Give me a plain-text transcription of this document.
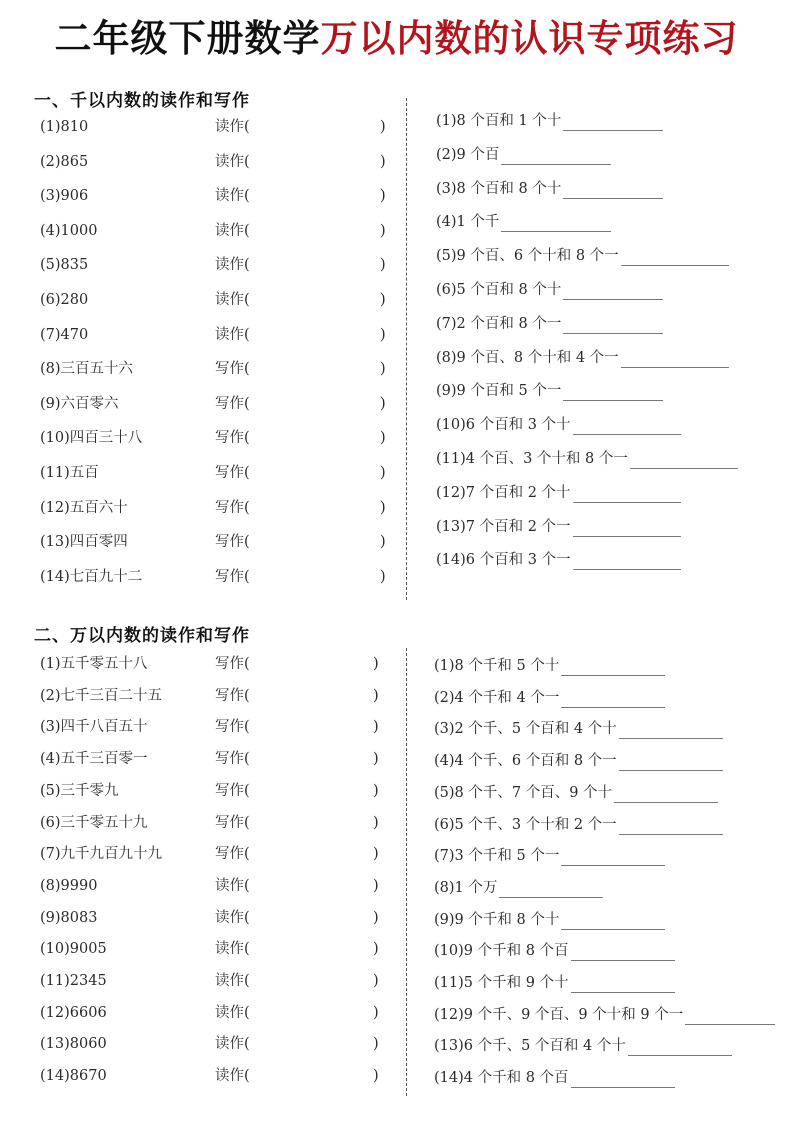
二年级下册数学万以内数的认识专项练习
一、千以内数的读作和写作
(1)810	读作(	)
(2)865	读作(	)
(3)906	读作(	)
(4)1000	读作(	)
(5)835	读作(	)
(6)280	读作(	)
(7)470	读作(	)
(8)三百五十六	写作(	)
(9)六百零六	写作(	)
(10)四百三十八	写作(	)
(11)五百	写作(	)
(12)五百六十	写作(	)
(13)四百零四	写作(	)
(14)七百九十二	写作(	)
(1)8 个百和 1 个十
(2)9 个百
(3)8 个百和 8 个十
(4)1 个千
(5)9 个百、6 个十和 8 个一
(6)5 个百和 8 个十
(7)2 个百和 8 个一
(8)9 个百、8 个十和 4 个一
(9)9 个百和 5 个一
(10)6 个百和 3 个十
(11)4 个百、3 个十和 8 个一
(12)7 个百和 2 个十
(13)7 个百和 2 个一
(14)6 个百和 3 个一
二、万以内数的读作和写作
(1)五千零五十八	写作(	)
(2)七千三百二十五	写作(	)
(3)四千八百五十	写作(	)
(4)五千三百零一	写作(	)
(5)三千零九	写作(	)
(6)三千零五十九	写作(	)
(7)九千九百九十九	写作(	)
(8)9990	读作(	)
(9)8083	读作(	)
(10)9005	读作(	)
(11)2345	读作(	)
(12)6606	读作(	)
(13)8060	读作(	)
(14)8670	读作(	)
(1)8 个千和 5 个十
(2)4 个千和 4 个一
(3)2 个千、5 个百和 4 个十
(4)4 个千、6 个百和 8 个一
(5)8 个千、7 个百、9 个十
(6)5 个千、3 个十和 2 个一
(7)3 个千和 5 个一
(8)1 个万
(9)9 个千和 8 个十
(10)9 个千和 8 个百
(11)5 个千和 9 个十
(12)9 个千、9 个百、9 个十和 9 个一
(13)6 个千、5 个百和 4 个十
(14)4 个千和 8 个百
